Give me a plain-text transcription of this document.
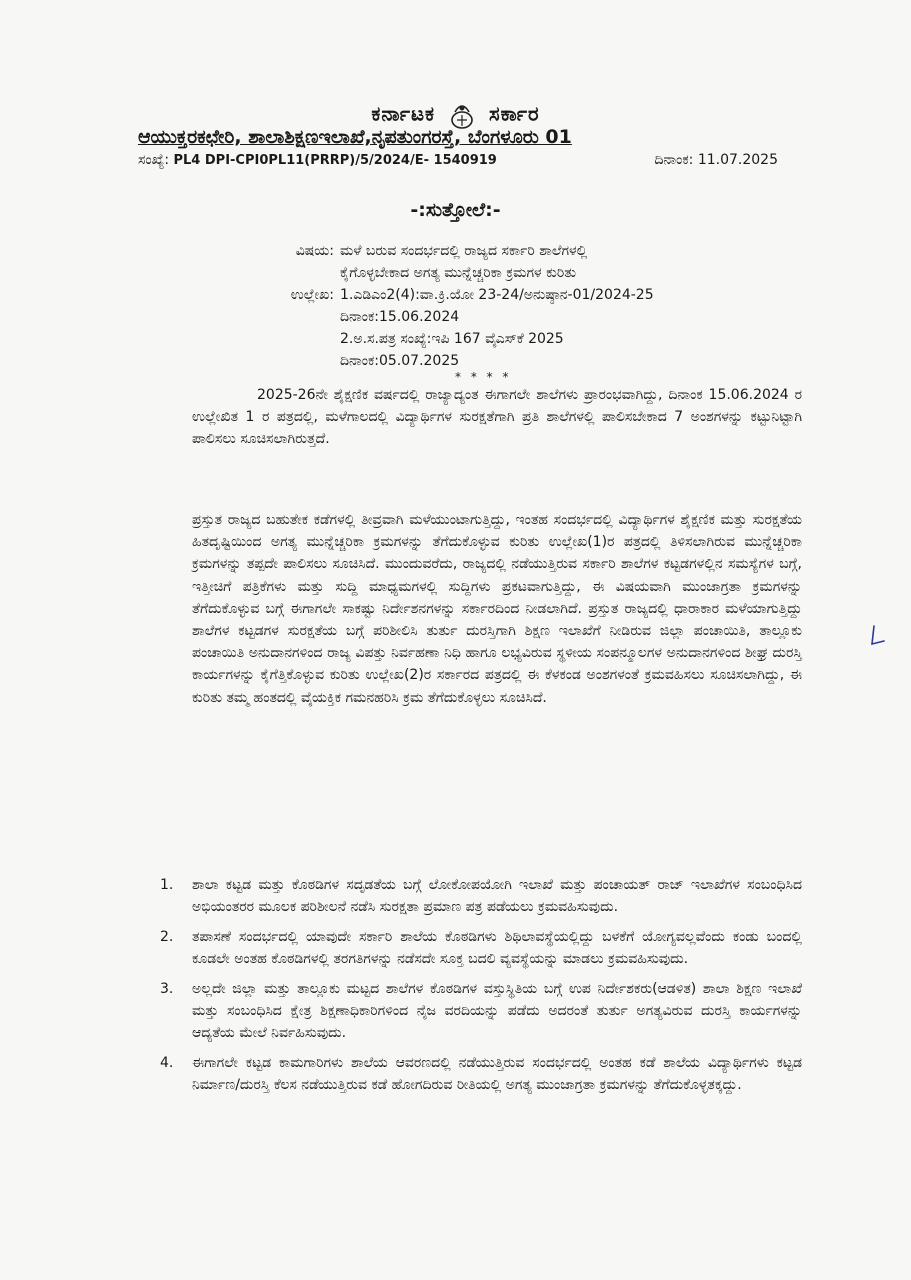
ಕರ್ನಾಟಕ	ಸರ್ಕಾರ
ಆಯುಕ್ತರಕಛೇರಿ, ಶಾಲಾಶಿಕ್ಷಣಇಲಾಖೆ,ನೃಪತುಂಗರಸ್ತೆ, ಬೆಂಗಳೂರು 01
ಸಂಖ್ಯೆ: PL4 DPI-CPI0PL11(PRRP)/5/2024/E- 1540919	ದಿನಾಂಕ: 11.07.2025
-:ಸುತ್ತೋಲೆ:-
ವಿಷಯ: ಮಳೆ ಬರುವ ಸಂದರ್ಭದಲ್ಲಿ ರಾಜ್ಯದ ಸರ್ಕಾರಿ ಶಾಲೆಗಳಲ್ಲಿ
ಕೈಗೊಳ್ಳಬೇಕಾದ ಅಗತ್ಯ ಮುನ್ನೆಚ್ಚರಿಕಾ ಕ್ರಮಗಳ ಕುರಿತು
ಉಲ್ಲೇಖ: 1.ಎಡಿಎಂ2(4):ವಾ.ಕ್ರಿ.ಯೋ 23-24/ಅನುಷ್ಠಾನ-01/2024-25
ದಿನಾಂಕ:15.06.2024
2.ಅ.ಸ.ಪತ್ರ ಸಂಖ್ಯೆ:ಇಪಿ 167 ವೈಎಸ್‌ಕೆ 2025
ದಿನಾಂಕ:05.07.2025
* * * *
2025-26ನೇ ಶೈಕ್ಷಣಿಕ ವರ್ಷದಲ್ಲಿ ರಾಜ್ಯಾದ್ಯಂತ ಈಗಾಗಲೇ ಶಾಲೆಗಳು ಪ್ರಾರಂಭವಾಗಿದ್ದು, ದಿನಾಂಕ 15.06.2024 ರ ಉಲ್ಲೇಖಿತ 1 ರ ಪತ್ರದಲ್ಲಿ, ಮಳೆಗಾಲದಲ್ಲಿ ವಿದ್ಯಾರ್ಥಿಗಳ ಸುರಕ್ಷತೆಗಾಗಿ ಪ್ರತಿ ಶಾಲೆಗಳಲ್ಲಿ ಪಾಲಿಸಬೇಕಾದ 7 ಅಂಶಗಳನ್ನು ಕಟ್ಟುನಿಟ್ಟಾಗಿ ಪಾಲಿಸಲು ಸೂಚಿಸಲಾಗಿರುತ್ತದೆ.
ಪ್ರಸ್ತುತ ರಾಜ್ಯದ ಬಹುತೇಕ ಕಡೆಗಳಲ್ಲಿ ತೀವ್ರವಾಗಿ ಮಳೆಯುಂಟಾಗುತ್ತಿದ್ದು, ಇಂತಹ ಸಂದರ್ಭದಲ್ಲಿ ವಿದ್ಯಾರ್ಥಿಗಳ ಶೈಕ್ಷಣಿಕ ಮತ್ತು ಸುರಕ್ಷತೆಯ ಹಿತದೃಷ್ಟಿಯಿಂದ ಅಗತ್ಯ ಮುನ್ನೆಚ್ಚರಿಕಾ ಕ್ರಮಗಳನ್ನು ತೆಗೆದುಕೊಳ್ಳುವ ಕುರಿತು ಉಲ್ಲೇಖ(1)ರ ಪತ್ರದಲ್ಲಿ ತಿಳಿಸಲಾಗಿರುವ ಮುನ್ನೆಚ್ಚರಿಕಾ ಕ್ರಮಗಳನ್ನು ತಪ್ಪದೇ ಪಾಲಿಸಲು ಸೂಚಿಸಿದೆ. ಮುಂದುವರೆದು, ರಾಜ್ಯದಲ್ಲಿ ನಡೆಯುತ್ತಿರುವ ಸರ್ಕಾರಿ ಶಾಲೆಗಳ ಕಟ್ಟಡಗಳಲ್ಲಿನ ಸಮಸ್ಯೆಗಳ ಬಗ್ಗೆ, ಇತ್ತೀಚಿಗೆ ಪತ್ರಿಕೆಗಳು ಮತ್ತು ಸುದ್ದಿ ಮಾಧ್ಯಮಗಳಲ್ಲಿ ಸುದ್ದಿಗಳು ಪ್ರಕಟವಾಗುತ್ತಿದ್ದು, ಈ ವಿಷಯವಾಗಿ ಮುಂಜಾಗ್ರತಾ ಕ್ರಮಗಳನ್ನು ತೆಗೆದುಕೊಳ್ಳುವ ಬಗ್ಗೆ ಈಗಾಗಲೇ ಸಾಕಷ್ಟು ನಿರ್ದೇಶನಗಳನ್ನು ಸರ್ಕಾರದಿಂದ ನೀಡಲಾಗಿದೆ. ಪ್ರಸ್ತುತ ರಾಜ್ಯದಲ್ಲಿ ಧಾರಾಕಾರ ಮಳೆಯಾಗುತ್ತಿದ್ದು ಶಾಲೆಗಳ ಕಟ್ಟಡಗಳ ಸುರಕ್ಷತೆಯ ಬಗ್ಗೆ ಪರಿಶೀಲಿಸಿ ತುರ್ತು ದುರಸ್ತಿಗಾಗಿ ಶಿಕ್ಷಣ ಇಲಾಖೆಗೆ ನೀಡಿರುವ ಜಿಲ್ಲಾ ಪಂಚಾಯಿತಿ, ತಾಲ್ಲೂಕು ಪಂಚಾಯಿತಿ ಅನುದಾನಗಳಿಂದ ರಾಜ್ಯ ವಿಪತ್ತು ನಿರ್ವಹಣಾ ನಿಧಿ ಹಾಗೂ ಲಭ್ಯವಿರುವ ಸ್ಥಳೀಯ ಸಂಪನ್ಮೂಲಗಳ ಅನುದಾನಗಳಿಂದ ಶೀಘ್ರ ದುರಸ್ತಿ ಕಾರ್ಯಗಳನ್ನು ಕೈಗೆತ್ತಿಕೊಳ್ಳುವ ಕುರಿತು ಉಲ್ಲೇಖ(2)ರ ಸರ್ಕಾರದ ಪತ್ರದಲ್ಲಿ ಈ ಕೆಳಕಂಡ ಅಂಶಗಳಂತೆ ಕ್ರಮವಹಿಸಲು ಸೂಚಿಸಲಾಗಿದ್ದು, ಈ ಕುರಿತು ತಮ್ಮ ಹಂತದಲ್ಲಿ ವೈಯಕ್ತಿಕ ಗಮನಹರಿಸಿ ಕ್ರಮ ತೆಗೆದುಕೊಳ್ಳಲು ಸೂಚಿಸಿದೆ.
1.	ಶಾಲಾ ಕಟ್ಟಡ ಮತ್ತು ಕೊಠಡಿಗಳ ಸದೃಡತೆಯ ಬಗ್ಗೆ ಲೋಕೋಪಯೋಗಿ ಇಲಾಖೆ ಮತ್ತು ಪಂಚಾಯತ್ ರಾಜ್ ಇಲಾಖೆಗಳ ಸಂಬಂಧಿಸಿದ ಅಭಿಯಂತರರ ಮೂಲಕ ಪರಿಶೀಲನೆ ನಡೆಸಿ ಸುರಕ್ಷತಾ ಪ್ರಮಾಣ ಪತ್ರ ಪಡೆಯಲು ಕ್ರಮವಹಿಸುವುದು.
2.	ತಪಾಸಣೆ ಸಂದರ್ಭದಲ್ಲಿ ಯಾವುದೇ ಸರ್ಕಾರಿ ಶಾಲೆಯ ಕೊಠಡಿಗಳು ಶಿಥಿಲಾವಸ್ಥೆಯಲ್ಲಿದ್ದು ಬಳಕೆಗೆ ಯೋಗ್ಯವಲ್ಲವೆಂದು ಕಂಡು ಬಂದಲ್ಲಿ ಕೂಡಲೇ ಅಂತಹ ಕೊಠಡಿಗಳಲ್ಲಿ ತರಗತಿಗಳನ್ನು ನಡೆಸದೇ ಸೂಕ್ತ ಬದಲಿ ವ್ಯವಸ್ಥೆಯನ್ನು ಮಾಡಲು ಕ್ರಮವಹಿಸುವುದು.
3.	ಅಲ್ಲದೇ ಜಿಲ್ಲಾ ಮತ್ತು ತಾಲ್ಲೂಕು ಮಟ್ಟದ ಶಾಲೆಗಳ ಕೊಠಡಿಗಳ ವಸ್ತುಸ್ಥಿತಿಯ ಬಗ್ಗೆ ಉಪ ನಿರ್ದೇಶಕರು(ಆಡಳಿತ) ಶಾಲಾ ಶಿಕ್ಷಣ ಇಲಾಖೆ ಮತ್ತು ಸಂಬಂಧಿಸಿದ ಕ್ಷೇತ್ರ ಶಿಕ್ಷಣಾಧಿಕಾರಿಗಳಿಂದ ನೈಜ ವರದಿಯನ್ನು ಪಡೆದು ಅದರಂತೆ ತುರ್ತು ಅಗತ್ಯವಿರುವ ದುರಸ್ತಿ ಕಾರ್ಯಗಳನ್ನು ಆದ್ಯತೆಯ ಮೇಲೆ ನಿರ್ವಹಿಸುವುದು.
4.	ಈಗಾಗಲೇ ಕಟ್ಟಡ ಕಾಮಗಾರಿಗಳು ಶಾಲೆಯ ಆವರಣದಲ್ಲಿ ನಡೆಯುತ್ತಿರುವ ಸಂದರ್ಭದಲ್ಲಿ ಅಂತಹ ಕಡೆ ಶಾಲೆಯ ವಿದ್ಯಾರ್ಥಿಗಳು ಕಟ್ಟಡ ನಿರ್ಮಾಣ/ದುರಸ್ತಿ ಕೆಲಸ ನಡೆಯುತ್ತಿರುವ ಕಡೆ ಹೋಗದಿರುವ ರೀತಿಯಲ್ಲಿ ಅಗತ್ಯ ಮುಂಜಾಗ್ರತಾ ಕ್ರಮಗಳನ್ನು ತೆಗೆದುಕೊಳ್ಳತಕ್ಕದ್ದು.
